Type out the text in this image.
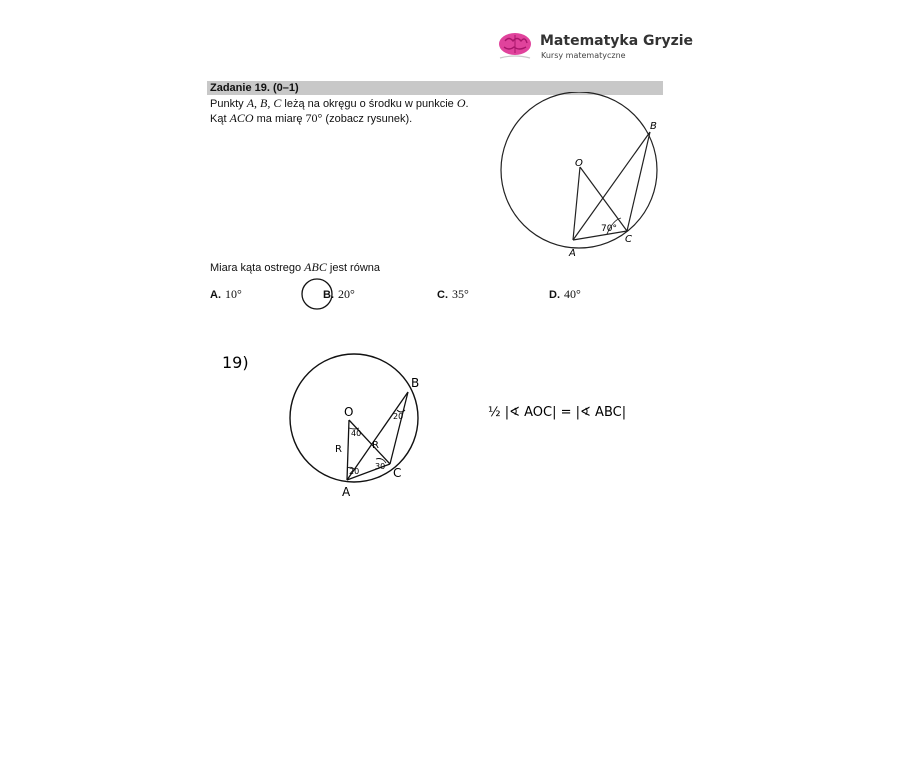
Matematyka Gryzie
Kursy matematyczne
Zadanie 19. (0–1)
Punkty A, B, C leżą na okręgu o środku w punkcie O.
Kąt ACO ma miarę 70° (zobacz rysunek).
O
B
A
C
70°
Miara kąta ostrego ABC jest równa
A. 10°	B. 20°	C. 35°	D. 40°
19)
O
B
A
C
R	R
40
20
20
30
½ |∢ AOC| = |∢ ABC|
